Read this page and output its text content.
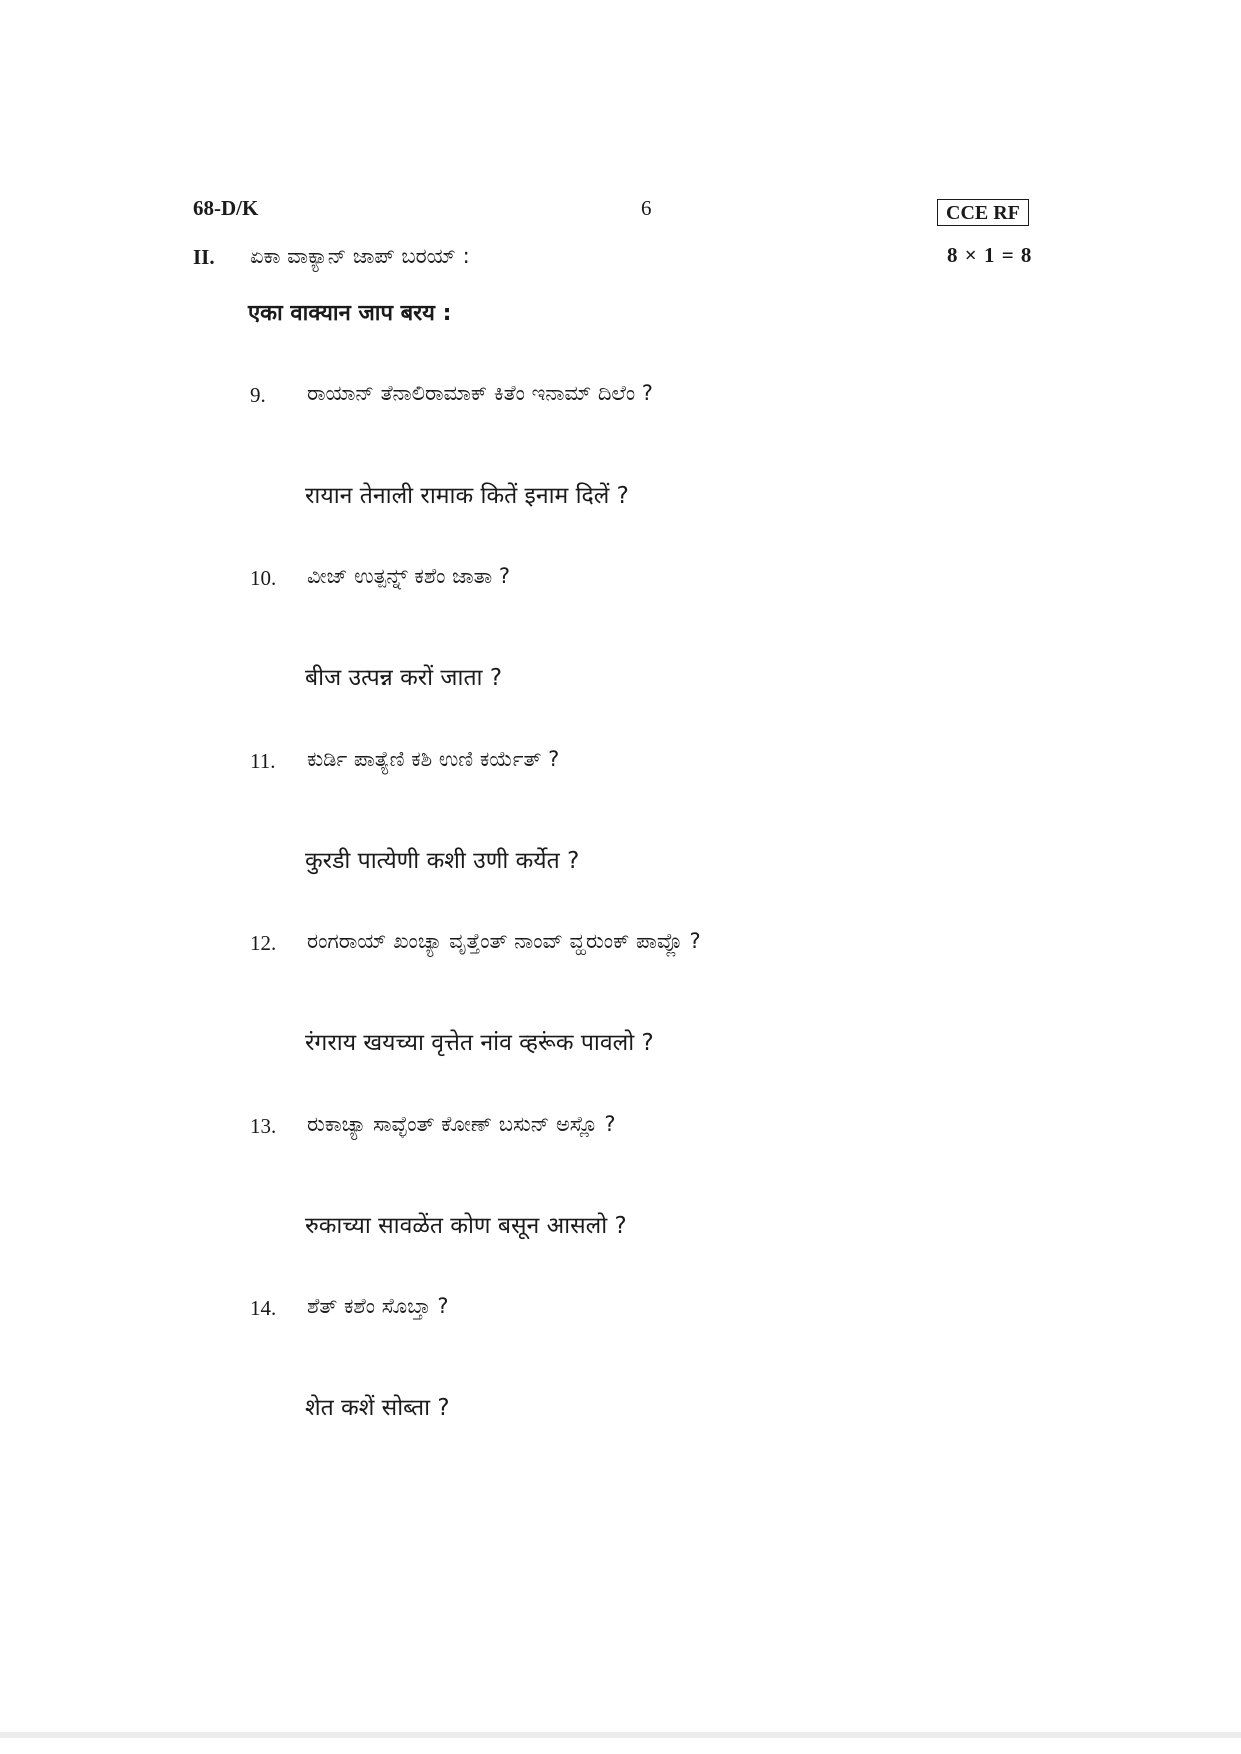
68-D/K	6	CCE RF
II. ಏಕಾ ವಾಕ್ಯಾನ್ ಜಾಪ್ ಬರಯ್ :	8 × 1 = 8
एका वाक्यान जाप बरय :
9. ರಾಯಾನ್ ತೆನಾಲಿರಾಮಾಕ್ ಕಿತೆಂ ಇನಾಮ್ ದಿಲೆಂ ?
रायान तेनाली रामाक कितें इनाम दिलें ?
10. ವೀಜ್ ಉತ್ಪನ್ನ್ ಕಶೆಂ ಜಾತಾ ?
बीज उत्पन्न करों जाता ?
11. ಕುರ್ಡಿ ಪಾತ್ಯೆಣಿ ಕಶಿ ಉಣಿ ಕರ್ಯೆತ್ ?
कुरडी पात्येणी कशी उणी कर्येत ?
12. ರಂಗರಾಯ್ ಖಂಚ್ಯಾ ವೃತ್ತೆಂತ್ ನಾಂವ್ ವ್ಹರುಂಕ್ ಪಾವ್ಲೊ ?
रंगराय खयच्या वृत्तेत नांव व्हरूंक पावलो ?
13. ರುಕಾಚ್ಯಾ ಸಾವ್ಳೆಂತ್ ಕೋಣ್ ಬಸುನ್ ಅಸ್ಲೊ ?
रुकाच्या सावळेंत कोण बसून आसलो ?
14. ಶೆತ್ ಕಶೆಂ ಸೊಬ್ತಾ ?
शेत कशें सोब्ता ?
